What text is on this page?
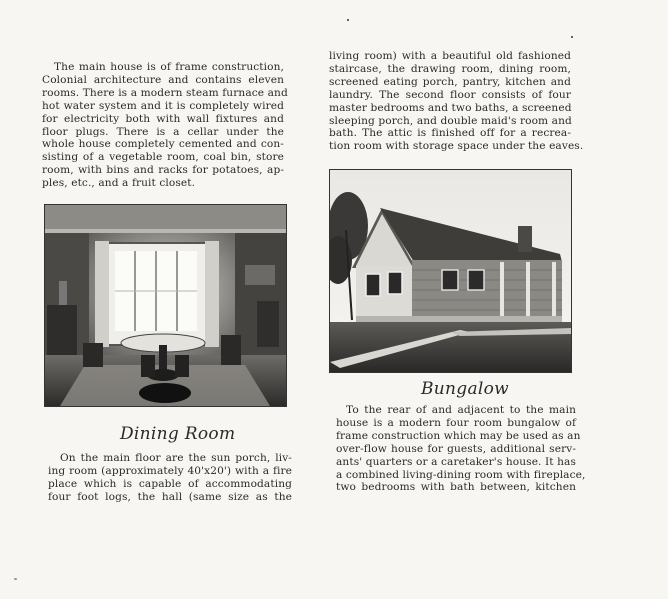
The main house is of frame construction,
Colonial architecture and contains eleven
rooms. There is a modern steam furnace and
hot water system and it is completely wired
for electricity both with wall fixtures and
floor plugs. There is a cellar under the
whole house completely cemented and con-
sisting of a vegetable room, coal bin, store
room, with bins and racks for potatoes, ap-
ples, etc., and a fruit closet.
Dining Room
On the main floor are the sun porch, liv-
ing room (approximately 40'x20') with a fire
place which is capable of accommodating
four foot logs, the hall (same size as the
living room) with a beautiful old fashioned
staircase, the drawing room, dining room,
screened eating porch, pantry, kitchen and
laundry. The second floor consists of four
master bedrooms and two baths, a screened
sleeping porch, and double maid's room and
bath. The attic is finished off for a recrea-
tion room with storage space under the eaves.
Bungalow
To the rear of and adjacent to the main
house is a modern four room bungalow of
frame construction which may be used as an
over-flow house for guests, additional serv-
ants' quarters or a caretaker's house. It has
a combined living-dining room with fireplace,
two bedrooms with bath between, kitchen
